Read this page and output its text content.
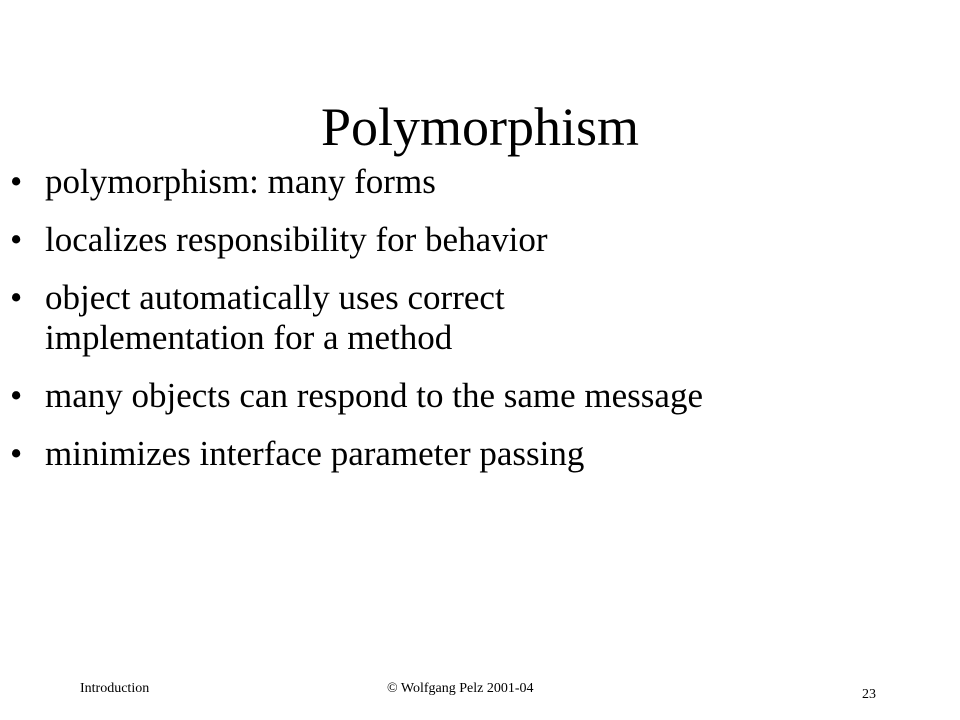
Polymorphism
• polymorphism: many forms
• localizes responsibility for behavior
• object automatically uses correct implementation for a method
• many objects can respond to the same message
• minimizes interface parameter passing
Introduction	© Wolfgang Pelz 2001-04	23
